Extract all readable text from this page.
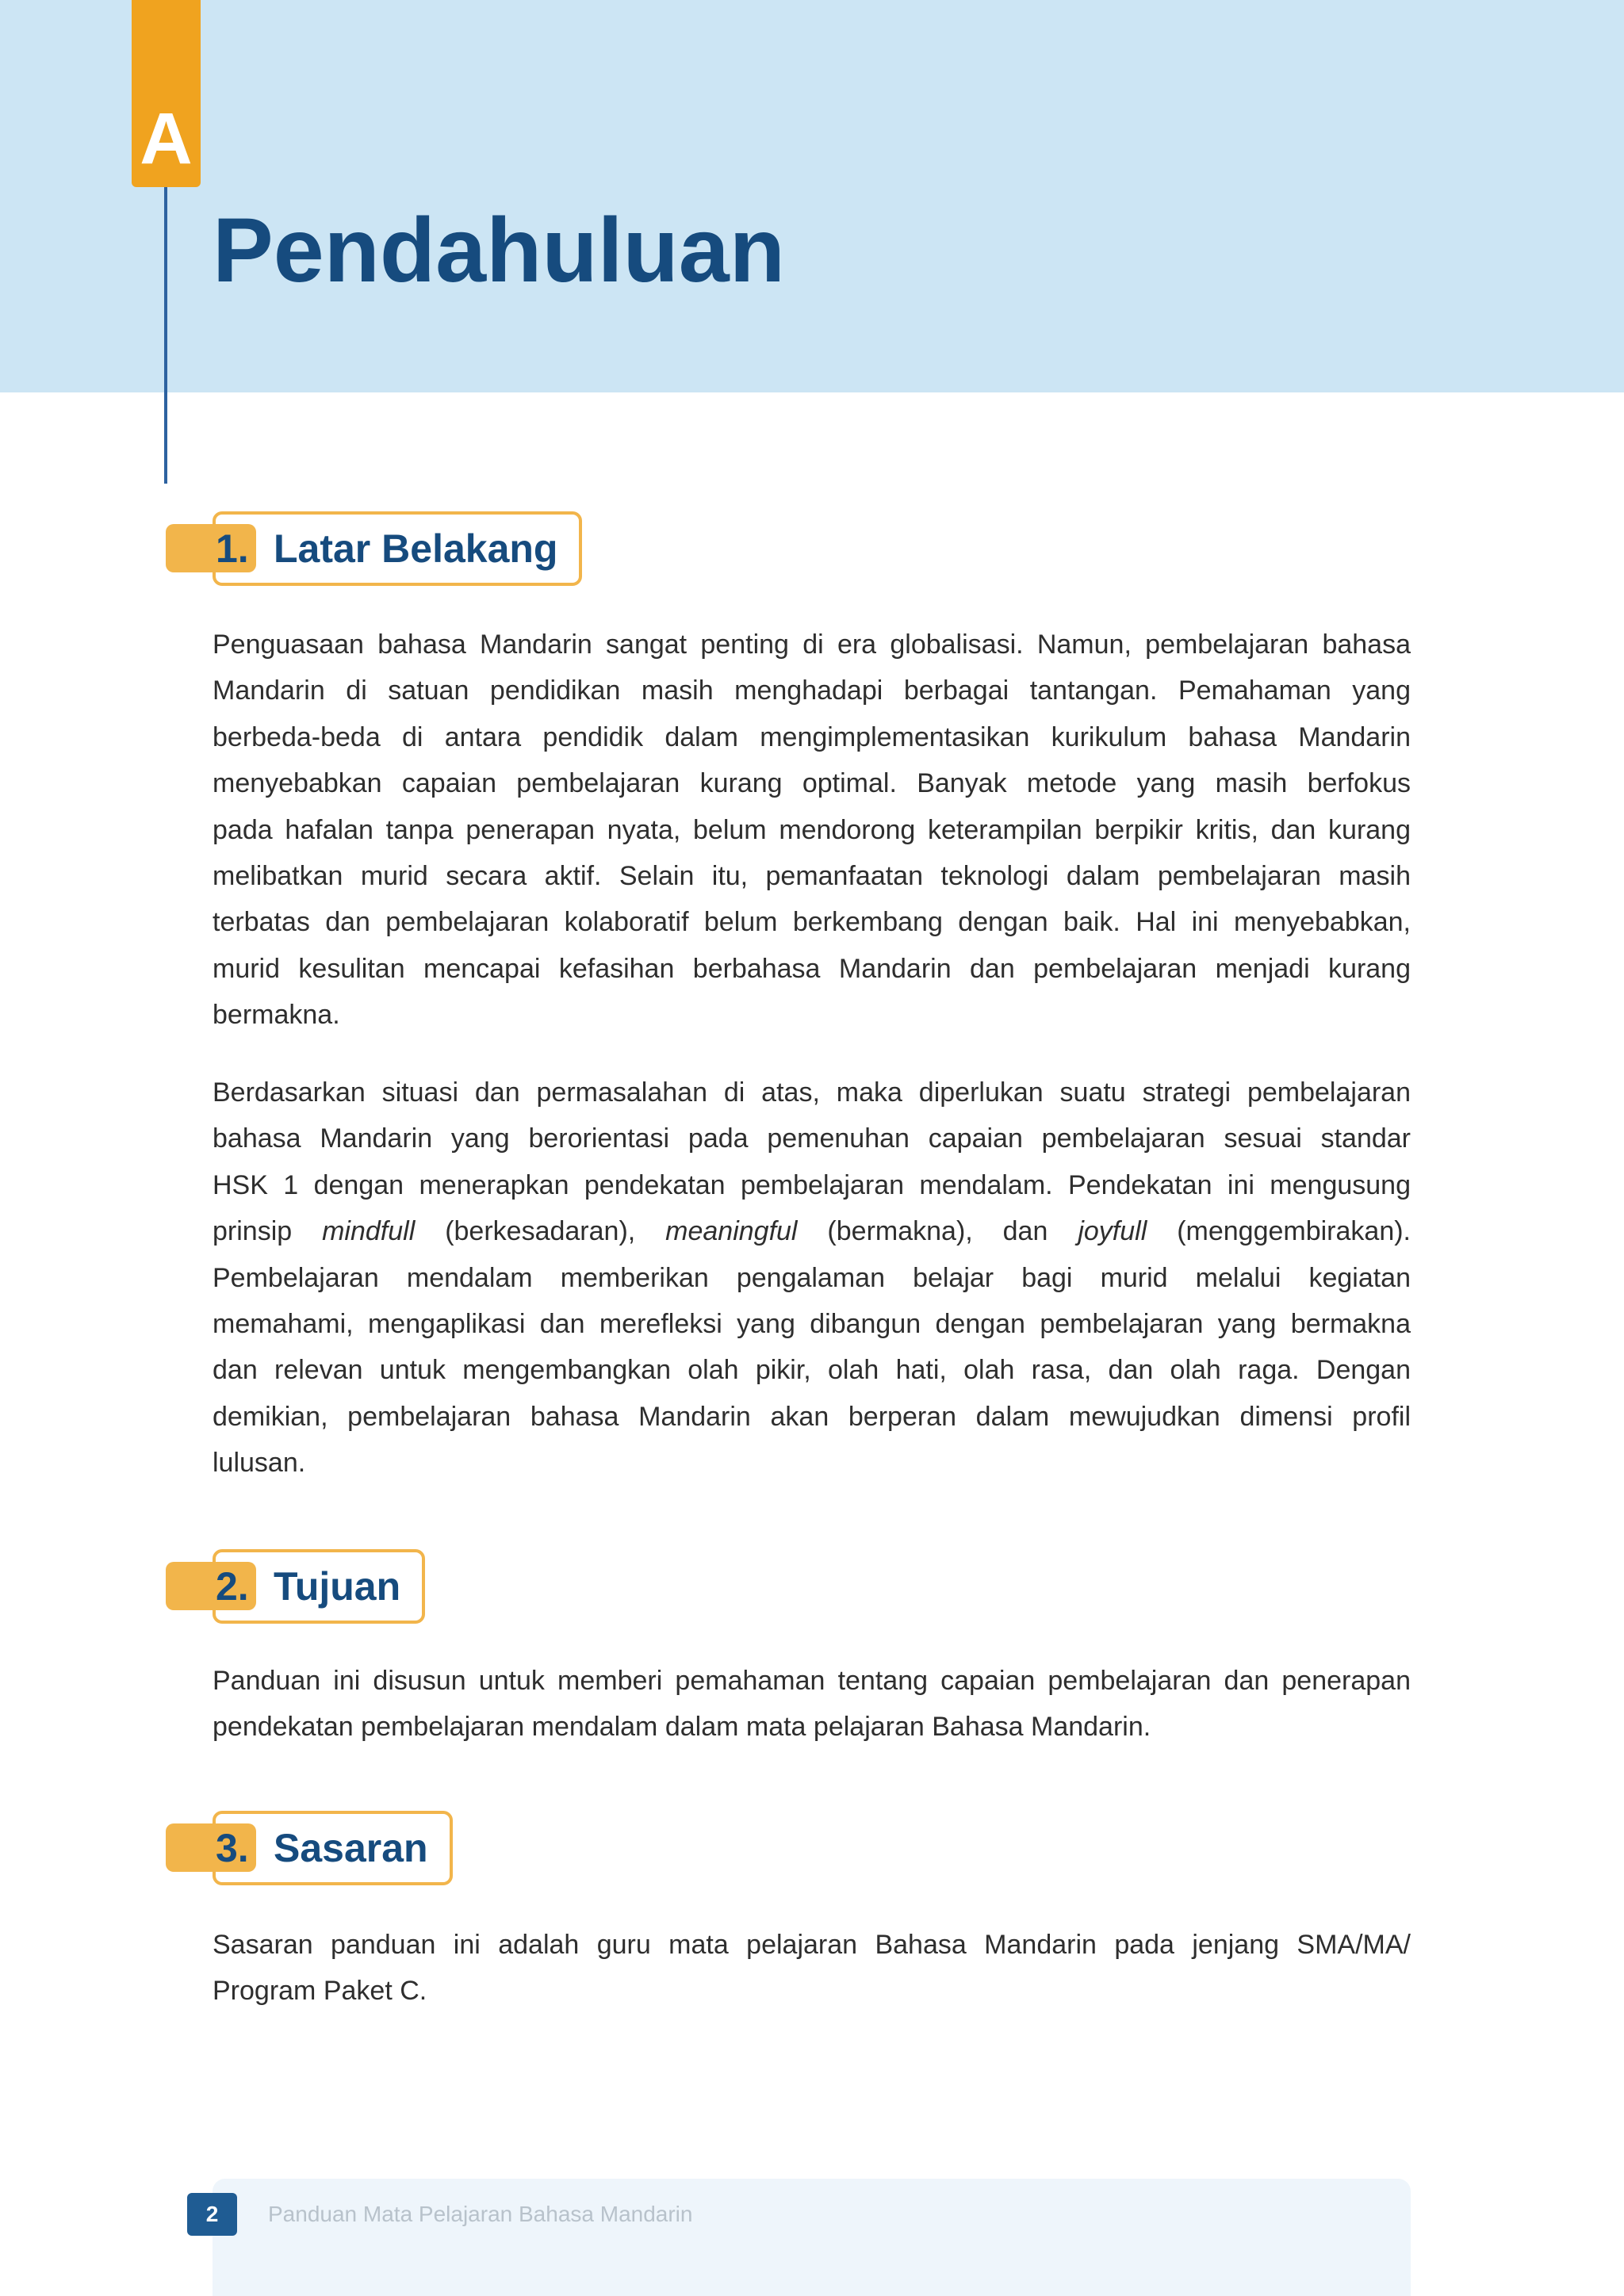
A
Pendahuluan
1. Latar Belakang
Penguasaan bahasa Mandarin sangat penting di era globalisasi. Namun, pembelajaran bahasa
Mandarin di satuan pendidikan masih menghadapi berbagai tantangan. Pemahaman yang
berbeda-beda di antara pendidik dalam mengimplementasikan kurikulum bahasa Mandarin
menyebabkan capaian pembelajaran kurang optimal. Banyak metode yang masih berfokus
pada hafalan tanpa penerapan nyata, belum mendorong keterampilan berpikir kritis, dan kurang
melibatkan murid secara aktif. Selain itu, pemanfaatan teknologi dalam pembelajaran masih
terbatas dan pembelajaran kolaboratif belum berkembang dengan baik. Hal ini menyebabkan,
murid kesulitan mencapai kefasihan berbahasa Mandarin dan pembelajaran menjadi kurang
bermakna.
Berdasarkan situasi dan permasalahan di atas, maka diperlukan suatu strategi pembelajaran
bahasa Mandarin yang berorientasi pada pemenuhan capaian pembelajaran sesuai standar
HSK 1 dengan menerapkan pendekatan pembelajaran mendalam. Pendekatan ini mengusung
prinsip mindfull (berkesadaran), meaningful (bermakna), dan joyfull (menggembirakan).
Pembelajaran mendalam memberikan pengalaman belajar bagi murid melalui kegiatan
memahami, mengaplikasi dan merefleksi yang dibangun dengan pembelajaran yang bermakna
dan relevan untuk mengembangkan olah pikir, olah hati, olah rasa, dan olah raga. Dengan
demikian, pembelajaran bahasa Mandarin akan berperan dalam mewujudkan dimensi profil
lulusan.
2. Tujuan
Panduan ini disusun untuk memberi pemahaman tentang capaian pembelajaran dan penerapan
pendekatan pembelajaran mendalam dalam mata pelajaran Bahasa Mandarin.
3. Sasaran
Sasaran panduan ini adalah guru mata pelajaran Bahasa Mandarin pada jenjang SMA/MA/
Program Paket C.
2	Panduan Mata Pelajaran Bahasa Mandarin
